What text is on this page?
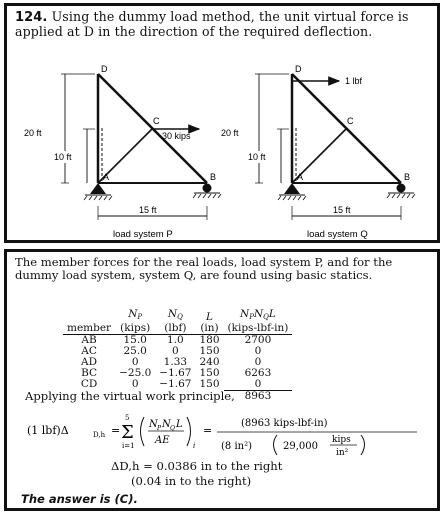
124. Using the dummy load method, the unit virtual force is applied at D in the direction of the required deflection.
D
C
A	B
30 kips
20 ft
10 ft
15 ft
load system P
D
C
A	B
1 lbf
20 ft
10 ft
15 ft
load system Q
The member forces for the real loads, load system P, and for the dummy load system, system Q, are found using basic statics.
	$N_P$	$N_Q$	L	$N_PN_QL$
member	(kips)	(lbf)	(in)	(kips-lbf-in)
AB	15.0	1.0	180	2700
AC	25.0	0	150	0
AD	0	1.33	240	0
BC	−25.0	−1.67	150	6263
CD	0	−1.67	150	0
				8963
Applying the virtual work principle,
(1 lbf)Δ	D,h =
5
Σ
i=1
N P N Q L
AE	i
=
(8963 kips-lbf-in)
(8 in²)	29,000
kips
in²
ΔD,h = 0.0386 in to the right
(0.04 in to the right)
The answer is (C).
